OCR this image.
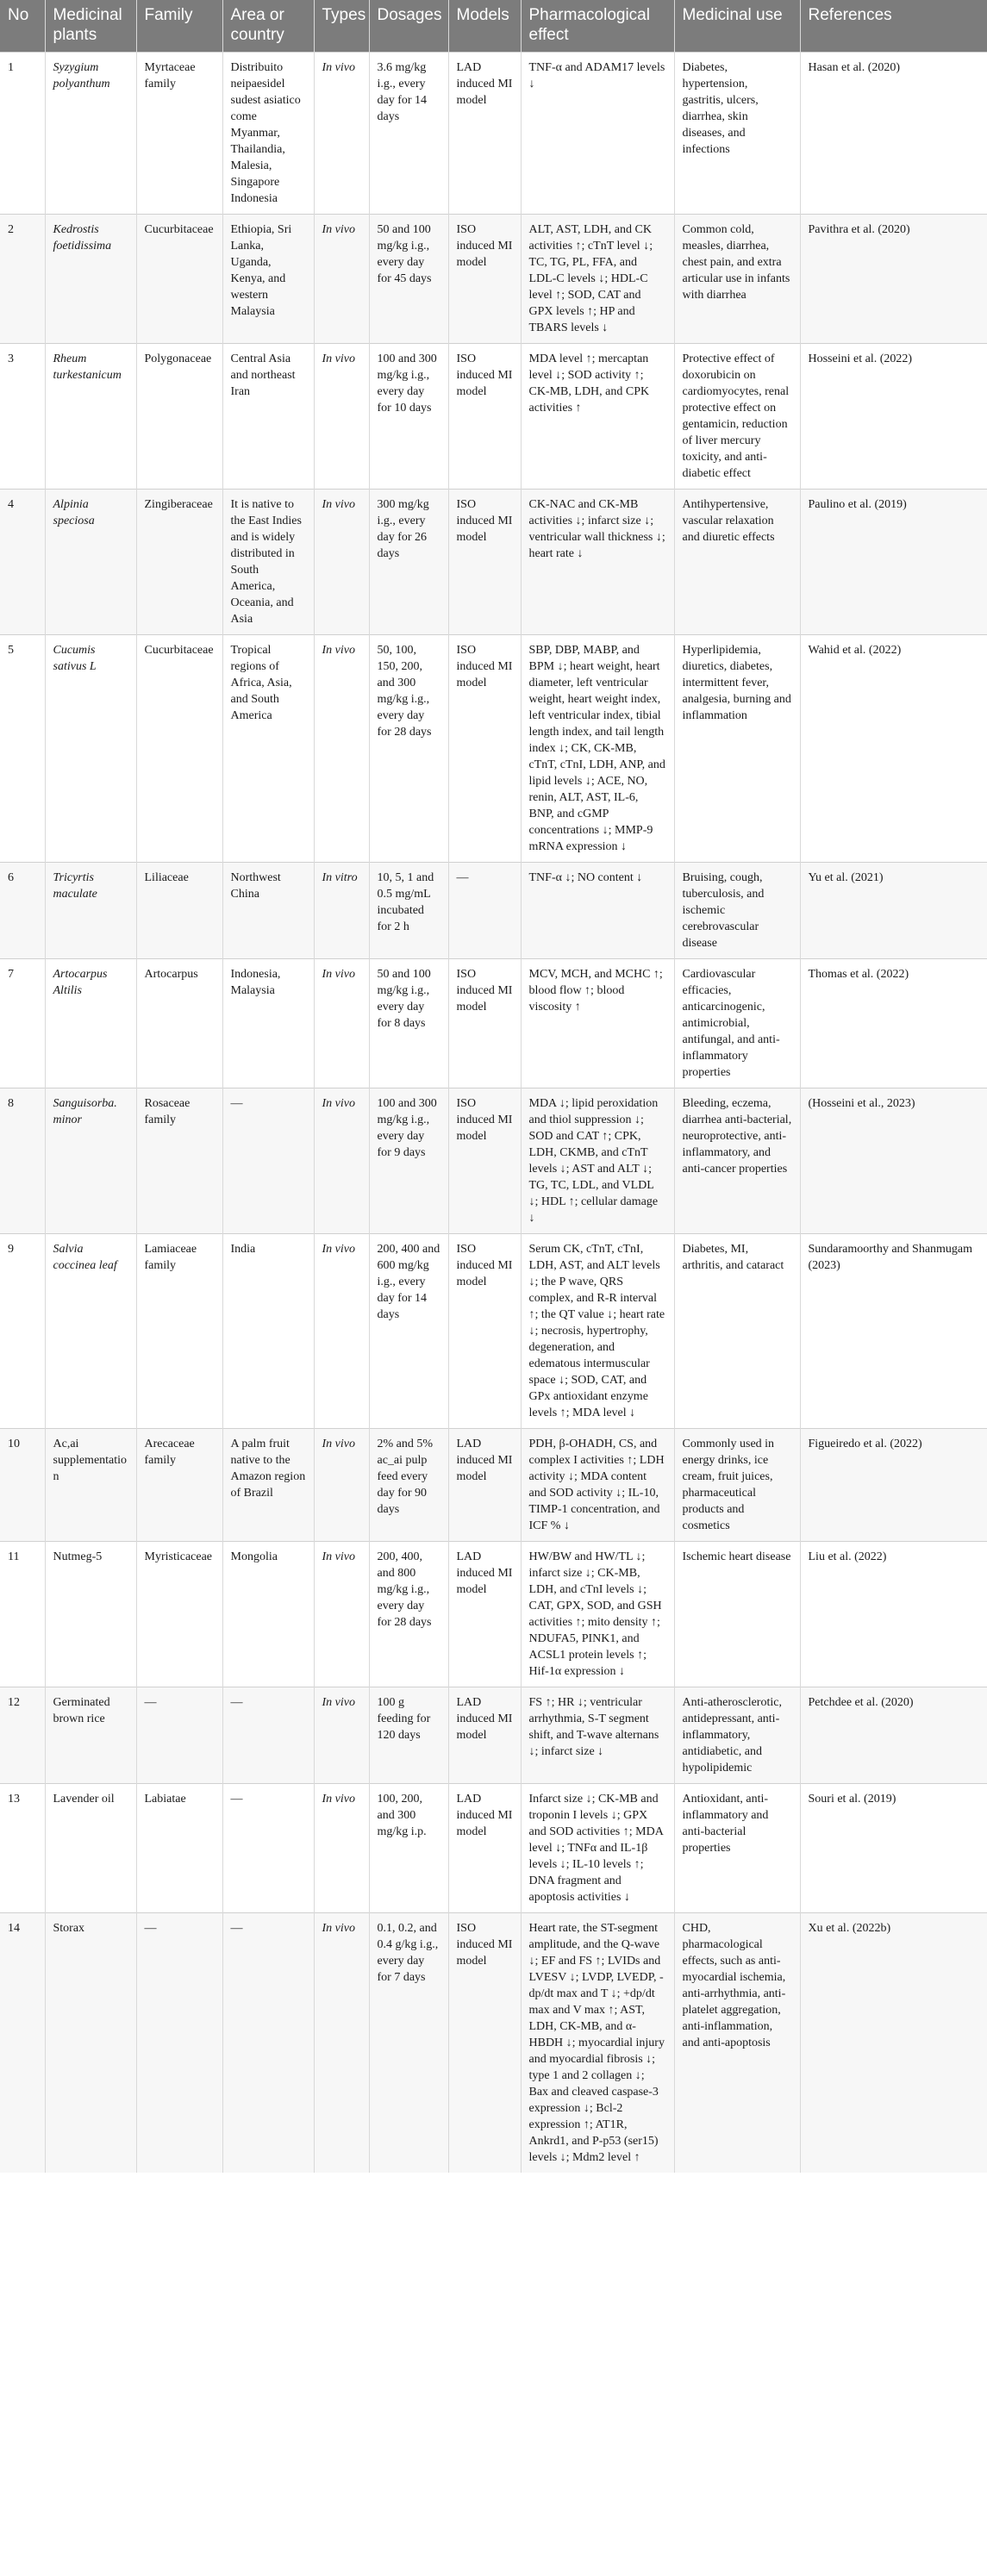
No	Medicinal plants	Family	Area or country	Types	Dosages	Models	Pharmacological effect	Medicinal use	References
1	Syzygium polyanthum	Myrtaceae family	Distribuito neipaesidel sudest asiatico come Myanmar, Thailandia, Malesia, Singapore Indonesia	In vivo	3.6 mg/kg i.g., every day for 14 days	LAD induced MI model	TNF-α and ADAM17 levels ↓	Diabetes, hypertension, gastritis, ulcers, diarrhea, skin diseases, and infections	Hasan et al. (2020)
2	Kedrostis foetidissima	Cucurbitaceae	Ethiopia, Sri Lanka, Uganda, Kenya, and western Malaysia	In vivo	50 and 100 mg/kg i.g., every day for 45 days	ISO induced MI model	ALT, AST, LDH, and CK activities ↑; cTnT level ↓; TC, TG, PL, FFA, and LDL-C levels ↓; HDL-C level ↑; SOD, CAT and GPX levels ↑; HP and TBARS levels ↓	Common cold, measles, diarrhea, chest pain, and extra articular use in infants with diarrhea	Pavithra et al. (2020)
3	Rheum turkestanicum	Polygonaceae	Central Asia and northeast Iran	In vivo	100 and 300 mg/kg i.g., every day for 10 days	ISO induced MI model	MDA level ↑; mercaptan level ↓; SOD activity ↑; CK-MB, LDH, and CPK activities ↑	Protective effect of doxorubicin on cardiomyocytes, renal protective effect on gentamicin, reduction of liver mercury toxicity, and anti-diabetic effect	Hosseini et al. (2022)
4	Alpinia speciosa	Zingiberaceae	It is native to the East Indies and is widely distributed in South America, Oceania, and Asia	In vivo	300 mg/kg i.g., every day for 26 days	ISO induced MI model	CK-NAC and CK-MB activities ↓; infarct size ↓; ventricular wall thickness ↓; heart rate ↓	Antihypertensive, vascular relaxation and diuretic effects	Paulino et al. (2019)
5	Cucumis sativus L	Cucurbitaceae	Tropical regions of Africa, Asia, and South America	In vivo	50, 100, 150, 200, and 300 mg/kg i.g., every day for 28 days	ISO induced MI model	SBP, DBP, MABP, and BPM ↓; heart weight, heart diameter, left ventricular weight, heart weight index, left ventricular index, tibial length index, and tail length index ↓; CK, CK-MB, cTnT, cTnI, LDH, ANP, and lipid levels ↓; ACE, NO, renin, ALT, AST, IL-6, BNP, and cGMP concentrations ↓; MMP-9 mRNA expression ↓	Hyperlipidemia, diuretics, diabetes, intermittent fever, analgesia, burning and inflammation	Wahid et al. (2022)
6	Tricyrtis maculate	Liliaceae	Northwest China	In vitro	10, 5, 1 and 0.5 mg/mL incubated for 2 h	—	TNF-α ↓; NO content ↓	Bruising, cough, tuberculosis, and ischemic cerebrovascular disease	Yu et al. (2021)
7	Artocarpus Altilis	Artocarpus	Indonesia, Malaysia	In vivo	50 and 100 mg/kg i.g., every day for 8 days	ISO induced MI model	MCV, MCH, and MCHC ↑; blood flow ↑; blood viscosity ↑	Cardiovascular efficacies, anticarcinogenic, antimicrobial, antifungal, and anti-inflammatory properties	Thomas et al. (2022)
8	Sanguisorba. minor	Rosaceae family	—	In vivo	100 and 300 mg/kg i.g., every day for 9 days	ISO induced MI model	MDA ↓; lipid peroxidation and thiol suppression ↓; SOD and CAT ↑; CPK, LDH, CKMB, and cTnT levels ↓; AST and ALT ↓; TG, TC, LDL, and VLDL ↓; HDL ↑; cellular damage ↓	Bleeding, eczema, diarrhea anti-bacterial, neuroprotective, anti-inflammatory, and anti-cancer properties	(Hosseini et al., 2023)
9	Salvia coccinea leaf	Lamiaceae family	India	In vivo	200, 400 and 600 mg/kg i.g., every day for 14 days	ISO induced MI model	Serum CK, cTnT, cTnI, LDH, AST, and ALT levels ↓; the P wave, QRS complex, and R-R interval ↑; the QT value ↓; heart rate ↓; necrosis, hypertrophy, degeneration, and edematous intermuscular space ↓; SOD, CAT, and GPx antioxidant enzyme levels ↑; MDA level ↓	Diabetes, MI, arthritis, and cataract	Sundaramoorthy and Shanmugam (2023)
10	Ac,ai supplementation	Arecaceae family	A palm fruit native to the Amazon region of Brazil	In vivo	2% and 5% ac_ai pulp feed every day for 90 days	LAD induced MI model	PDH, β-OHADH, CS, and complex I activities ↑; LDH activity ↓; MDA content and SOD activity ↓; IL-10, TIMP-1 concentration, and ICF % ↓	Commonly used in energy drinks, ice cream, fruit juices, pharmaceutical products and cosmetics	Figueiredo et al. (2022)
11	Nutmeg-5	Myristicaceae	Mongolia	In vivo	200, 400, and 800 mg/kg i.g., every day for 28 days	LAD induced MI model	HW/BW and HW/TL ↓; infarct size ↓; CK-MB, LDH, and cTnI levels ↓; CAT, GPX, SOD, and GSH activities ↑; mito density ↑; NDUFA5, PINK1, and ACSL1 protein levels ↑; Hif-1α expression ↓	Ischemic heart disease	Liu et al. (2022)
12	Germinated brown rice	—	—	In vivo	100 g feeding for 120 days	LAD induced MI model	FS ↑; HR ↓; ventricular arrhythmia, S-T segment shift, and T-wave alternans ↓; infarct size ↓	Anti-atherosclerotic, antidepressant, anti-inflammatory, antidiabetic, and hypolipidemic	Petchdee et al. (2020)
13	Lavender oil	Labiatae	—	In vivo	100, 200, and 300 mg/kg i.p.	LAD induced MI model	Infarct size ↓; CK-MB and troponin I levels ↓; GPX and SOD activities ↑; MDA level ↓; TNFα and IL-1β levels ↓; IL-10 levels ↑; DNA fragment and apoptosis activities ↓	Antioxidant, anti-inflammatory and anti-bacterial properties	Souri et al. (2019)
14	Storax	—	—	In vivo	0.1, 0.2, and 0.4 g/kg i.g., every day for 7 days	ISO induced MI model	Heart rate, the ST-segment amplitude, and the Q-wave ↓; EF and FS ↑; LVIDs and LVESV ↓; LVDP, LVEDP, -dp/dt max and T ↓; +dp/dt max and V max ↑; AST, LDH, CK-MB, and α-HBDH ↓; myocardial injury and myocardial fibrosis ↓; type 1 and 2 collagen ↓; Bax and cleaved caspase-3 expression ↓; Bcl-2 expression ↑; AT1R, Ankrd1, and P-p53 (ser15) levels ↓; Mdm2 level ↑	CHD, pharmacological effects, such as anti-myocardial ischemia, anti-arrhythmia, anti-platelet aggregation, anti-inflammation, and anti-apoptosis	Xu et al. (2022b)
